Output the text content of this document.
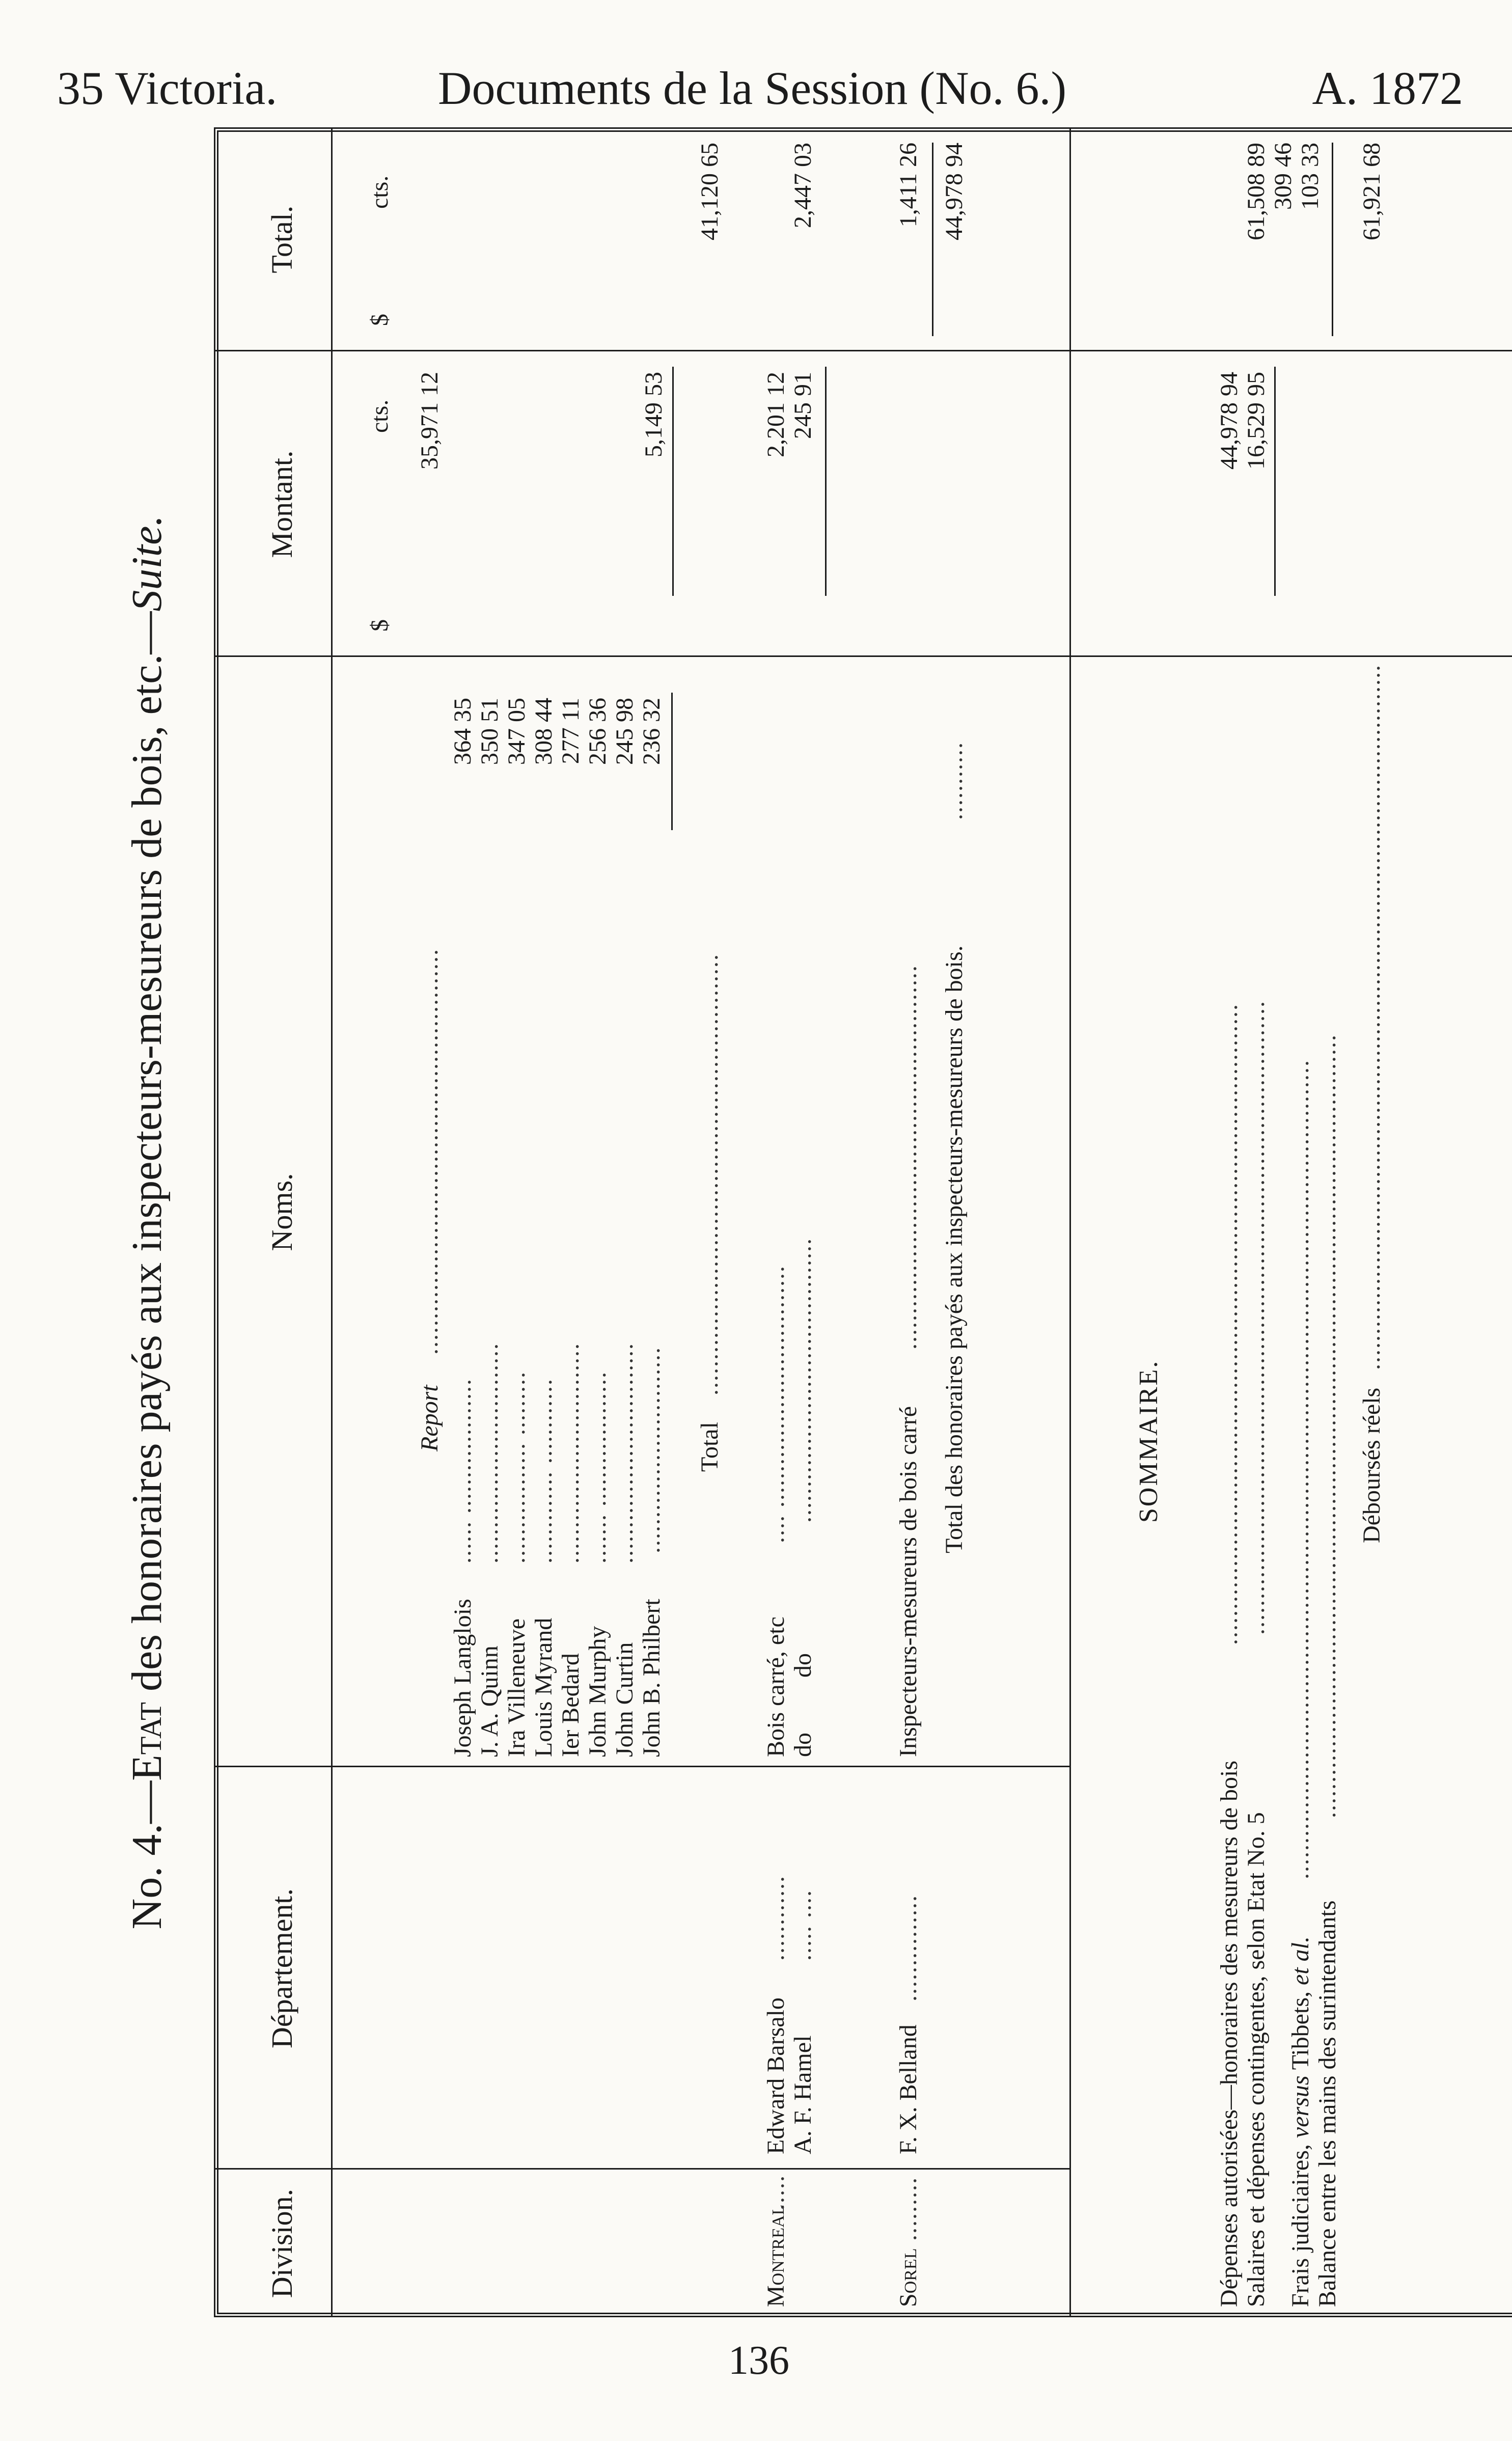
35 Victoria.	Documents de la Session (No. 6.)	A. 1872
No. 4.—Etat des honoraires payés aux inspecteurs-mesureurs de bois, etc.—Suite.
Division.
Département.
Noms.
Montant.
Total.
$
cts.
$
cts.
Report
.........................................................
35,971 12
Joseph Langlois
...... ...................
364 35
J. A. Quinn
...............................
350 51
Ira Villeneuve
................. .........
347 05
Louis Myrand
............. ............
308 44
Ier Bedard
...............................
277 11
John Murphy
....... ...................
256 36
John Curtin
...............................
245 98
John B. Philbert
.............................
236 32
5,149 53
Total
..............................................................
41,120 65
Montreal
.....
Edward Barsalo
............
Bois carré, etc
.... ..................................
2,201 12
A. F. Hamel
..... ....
do         do
........................................
245 91
2,447 03
Sorel
.........
F. X. Belland
...............
Inspecteurs-mesureurs de bois carré
......................................................
1,411 26
Total des honoraires payés aux inspecteurs-mesureurs de bois.
...........
44,978 94
SOMMAIRE.
Dépenses autorisées—honoraires des mesureurs de bois
..........................................................................................
44,978 94
Salaires et dépenses contingentes, selon Etat No. 5
.........................................................................................
16,529 95
61,508 89
Frais judiciaires, versus Tibbets, et al.
...................................................................................................................
309 46
Balance entre les mains des surintendants
..............................................................................................................
103 33
Déboursés réels
...................................................................................................
61,921 68
136
